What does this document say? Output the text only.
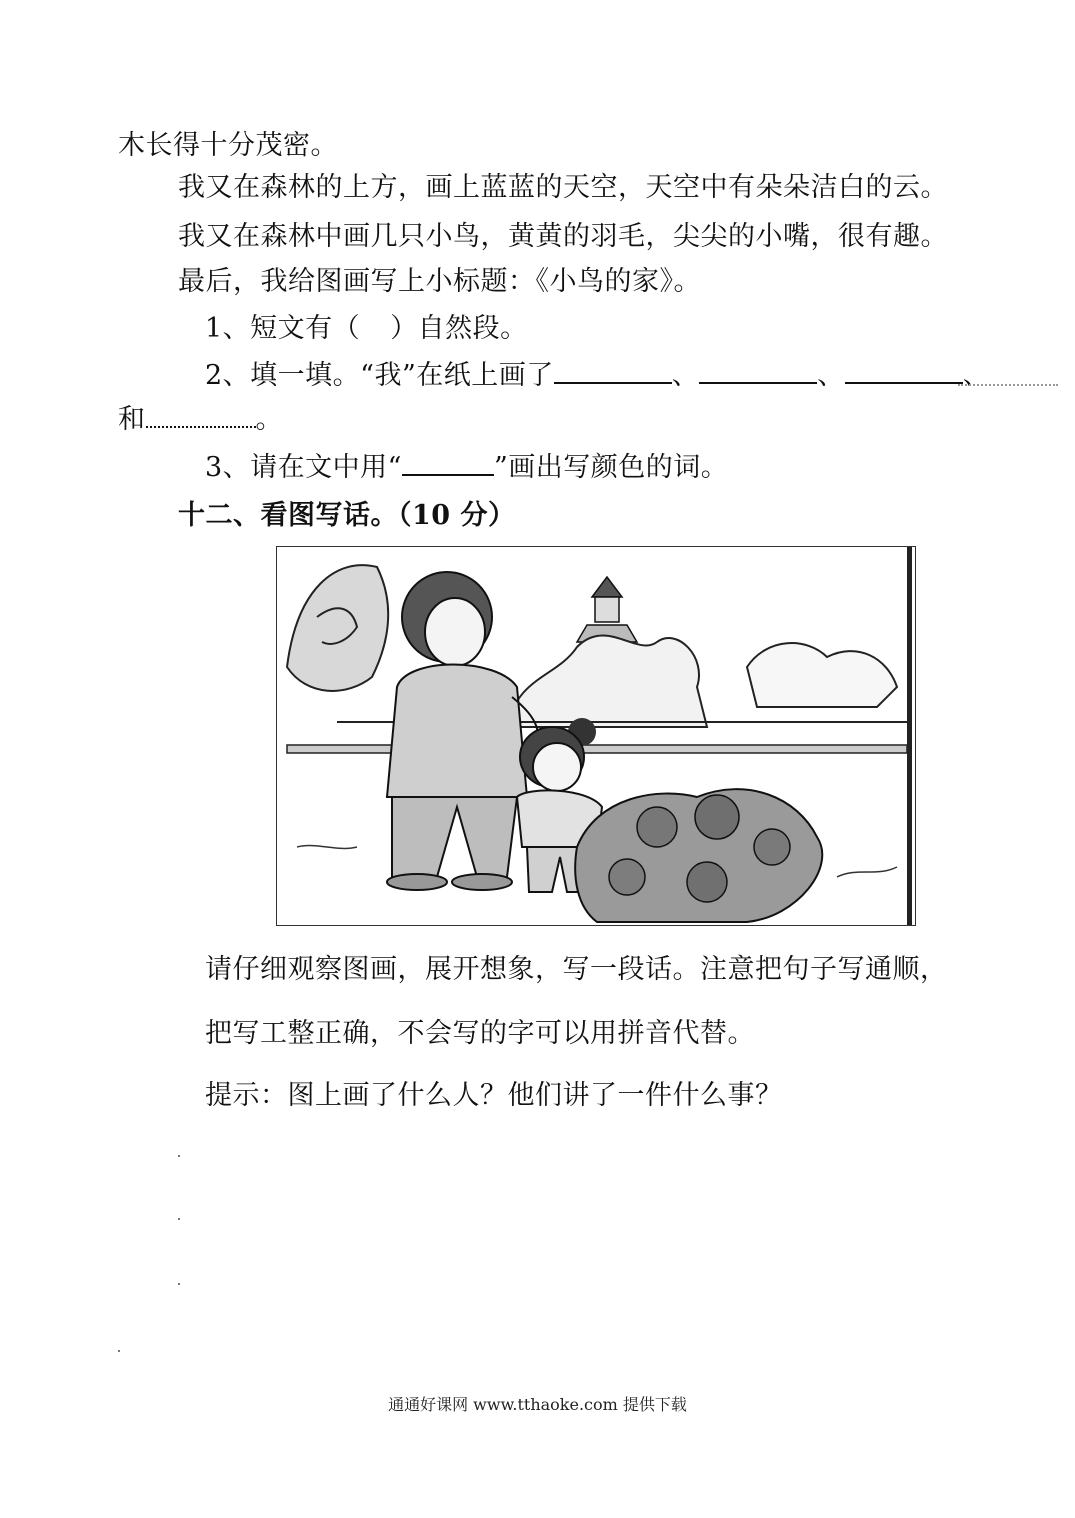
木长得十分茂密。
我又在森林的上方，画上蓝蓝的天空，天空中有朵朵洁白的云。
我又在森林中画几只小鸟，黄黄的羽毛，尖尖的小嘴，很有趣。
最后，我给图画写上小标题：《小鸟的家》。
1、短文有（ ）自然段。
2、填一填。“我”在纸上画了	、	、	、
和	。
3、请在文中用“	”画出写颜色的词。
十二、看图写话。（10 分）
请仔细观察图画，展开想象，写一段话。注意把句子写通顺，
把写工整正确，不会写的字可以用拼音代替。
提示：图上画了什么人？他们讲了一件什么事？
通通好课网 www.tthaoke.com 提供下载
